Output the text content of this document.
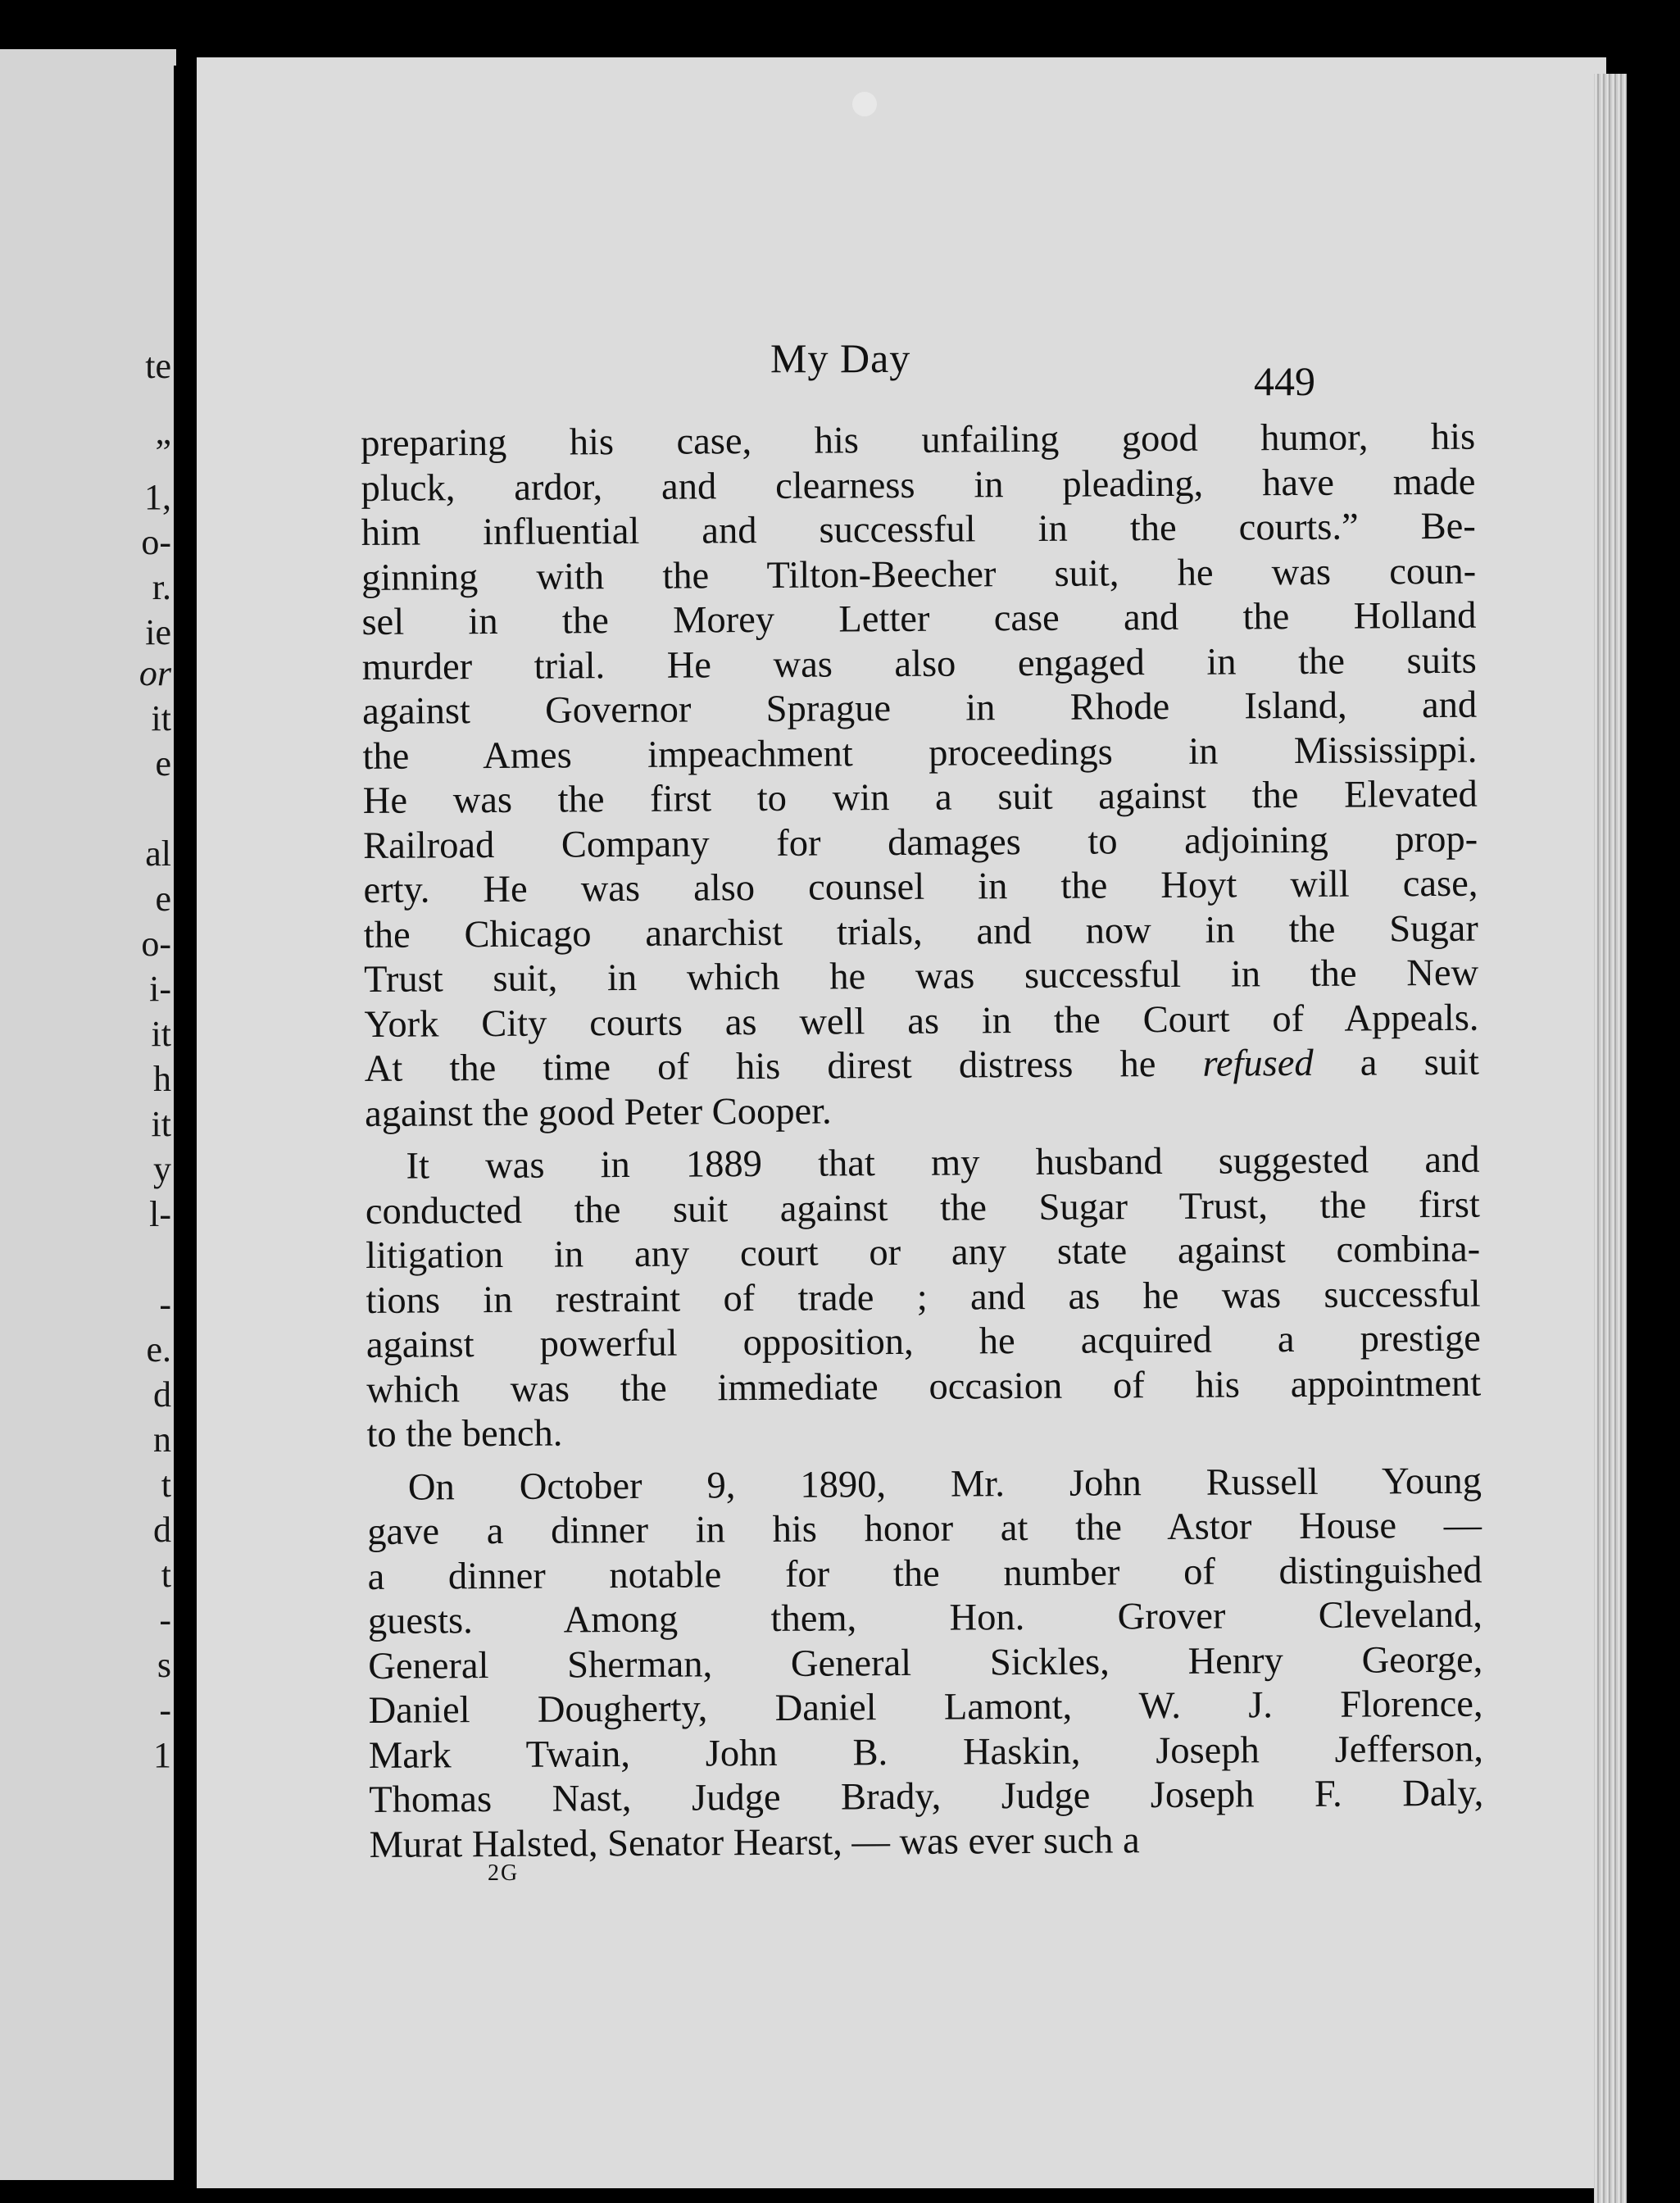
te
”
1,
o-
r.
ie
or
it
e
al
e
o-
i-
it
h
it
y
l-
-
e.
d
n
t
d
t
-
s
-
1
My Day	449
preparing his case, his unfailing good humor, his
pluck, ardor, and clearness in pleading, have made
him influential and successful in the courts.” Be-
ginning with the Tilton-Beecher suit, he was coun-
sel in the Morey Letter case and the Holland
murder trial. He was also engaged in the suits
against Governor Sprague in Rhode Island, and
the Ames impeachment proceedings in Mississippi.
He was the first to win a suit against the Elevated
Railroad Company for damages to adjoining prop-
erty. He was also counsel in the Hoyt will case,
the Chicago anarchist trials, and now in the Sugar
Trust suit, in which he was successful in the New
York City courts as well as in the Court of Appeals.
At the time of his direst distress he refused a suit
against the good Peter Cooper.
It was in 1889 that my husband suggested and
conducted the suit against the Sugar Trust, the first
litigation in any court or any state against combina-
tions in restraint of trade ; and as he was successful
against powerful opposition, he acquired a prestige
which was the immediate occasion of his appointment
to the bench.
On October 9, 1890, Mr. John Russell Young
gave a dinner in his honor at the Astor House —
a dinner notable for the number of distinguished
guests. Among them, Hon. Grover Cleveland,
General Sherman, General Sickles, Henry George,
Daniel Dougherty, Daniel Lamont, W. J. Florence,
Mark Twain, John B. Haskin, Joseph Jefferson,
Thomas Nast, Judge Brady, Judge Joseph F. Daly,
Murat Halsted, Senator Hearst, — was ever such a
2G
